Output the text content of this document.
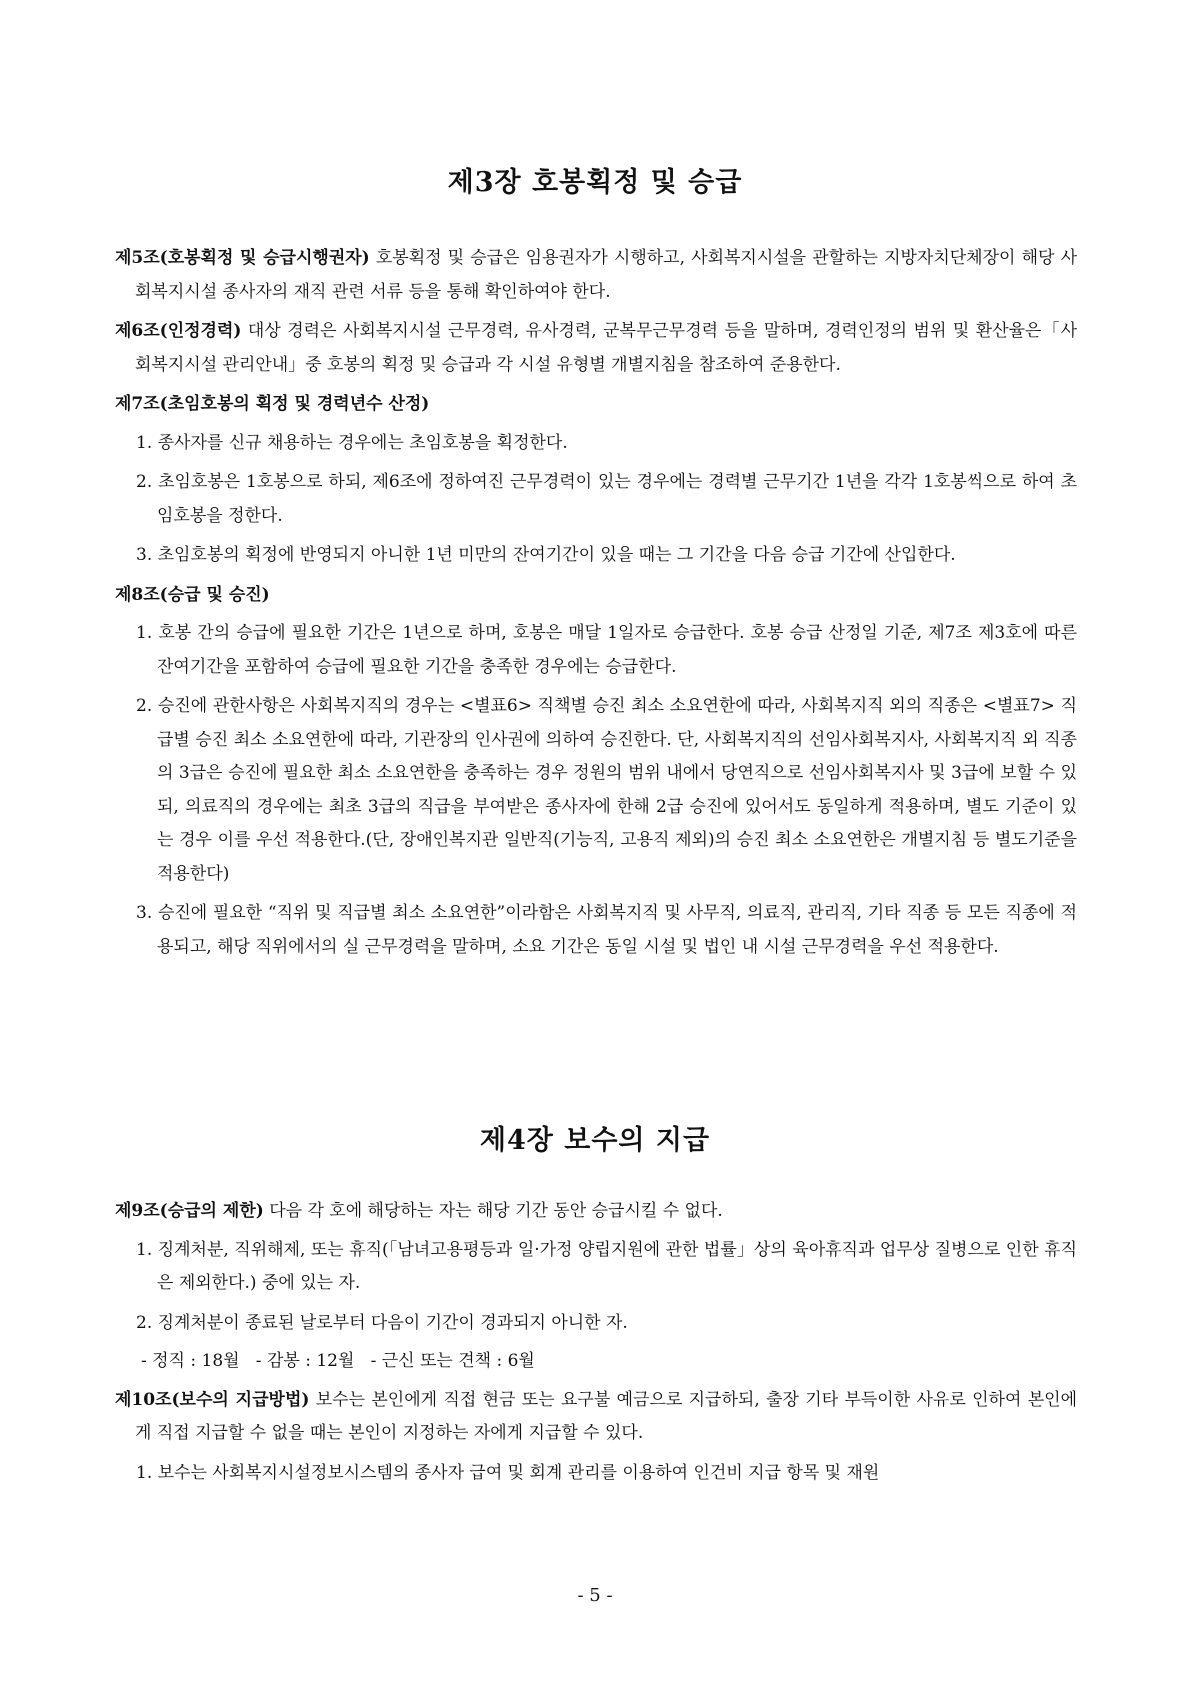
제3장 호봉획정 및 승급

제5조(호봉획정 및 승급시행권자) 호봉획정 및 승급은 임용권자가 시행하고, 사회복지시설을 관할하는 지방자치단체장이 해당 사회복지시설 종사자의 재직 관련 서류 등을 통해 확인하여야 한다.

제6조(인정경력) 대상 경력은 사회복지시설 근무경력, 유사경력, 군복무근무경력 등을 말하며, 경력인정의 범위 및 환산율은「사회복지시설 관리안내」중 호봉의 획정 및 승급과 각 시설 유형별 개별지침을 참조하여 준용한다.

제7조(초임호봉의 획정 및 경력년수 산정)

1. 종사자를 신규 채용하는 경우에는 초임호봉을 획정한다.

2. 초임호봉은 1호봉으로 하되, 제6조에 정하여진 근무경력이 있는 경우에는 경력별 근무기간 1년을 각각 1호봉씩으로 하여 초임호봉을 정한다.

3. 초임호봉의 획정에 반영되지 아니한 1년 미만의 잔여기간이 있을 때는 그 기간을 다음 승급 기간에 산입한다.

제8조(승급 및 승진)

1. 호봉 간의 승급에 필요한 기간은 1년으로 하며, 호봉은 매달 1일자로 승급한다. 호봉 승급 산정일 기준, 제7조 제3호에 따른 잔여기간을 포함하여 승급에 필요한 기간을 충족한 경우에는 승급한다.

2. 승진에 관한사항은 사회복지직의 경우는 <별표6> 직책별 승진 최소 소요연한에 따라, 사회복지직 외의 직종은 <별표7> 직급별 승진 최소 소요연한에 따라, 기관장의 인사권에 의하여 승진한다. 단, 사회복지직의 선임사회복지사, 사회복지직 외 직종의 3급은 승진에 필요한 최소 소요연한을 충족하는 경우 정원의 범위 내에서 당연직으로 선임사회복지사 및 3급에 보할 수 있되, 의료직의 경우에는 최초 3급의 직급을 부여받은 종사자에 한해 2급 승진에 있어서도 동일하게 적용하며, 별도 기준이 있는 경우 이를 우선 적용한다.(단, 장애인복지관 일반직(기능직, 고용직 제외)의 승진 최소 소요연한은 개별지침 등 별도기준을 적용한다)

3. 승진에 필요한 “직위 및 직급별 최소 소요연한”이라함은 사회복지직 및 사무직, 의료직, 관리직, 기타 직종 등 모든 직종에 적용되고, 해당 직위에서의 실 근무경력을 말하며, 소요 기간은 동일 시설 및 법인 내 시설 근무경력을 우선 적용한다.

제4장 보수의 지급

제9조(승급의 제한) 다음 각 호에 해당하는 자는 해당 기간 동안 승급시킬 수 없다.

1. 징계처분, 직위해제, 또는 휴직(「남녀고용평등과 일·가정 양립지원에 관한 법률」상의 육아휴직과 업무상 질병으로 인한 휴직은 제외한다.) 중에 있는 자.

2. 징계처분이 종료된 날로부터 다음이 기간이 경과되지 아니한 자.

- 정직 : 18월   - 감봉 : 12월   - 근신 또는 견책 : 6월

제10조(보수의 지급방법) 보수는 본인에게 직접 현금 또는 요구불 예금으로 지급하되, 출장 기타 부득이한 사유로 인하여 본인에게 직접 지급할 수 없을 때는 본인이 지정하는 자에게 지급할 수 있다.

1. 보수는 사회복지시설정보시스템의 종사자 급여 및 회계 관리를 이용하여 인건비 지급 항목 및 재원

- 5 -
